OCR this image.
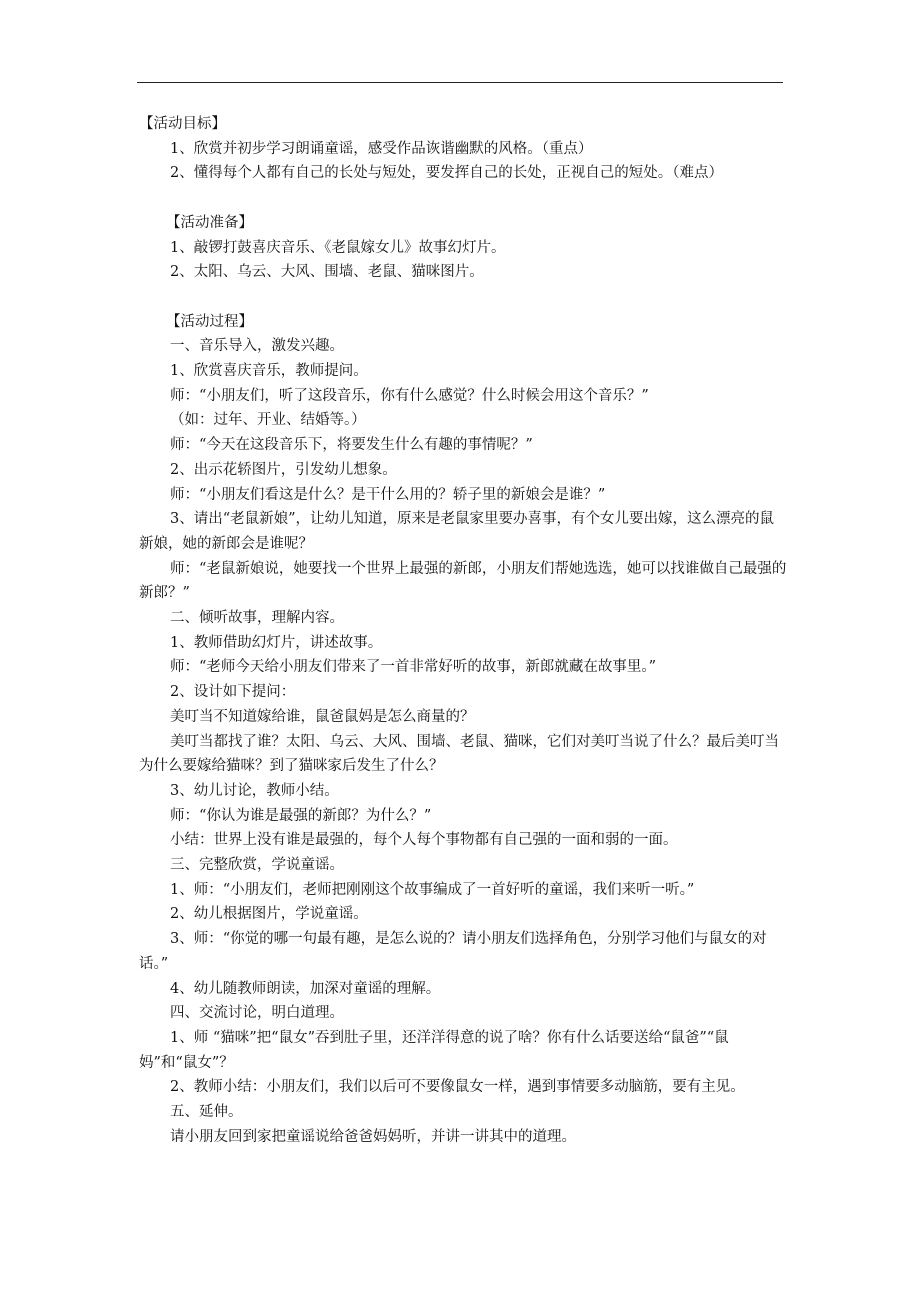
【活动目标】

1、欣赏并初步学习朗诵童谣，感受作品诙谐幽默的风格。（重点）

2、懂得每个人都有自己的长处与短处，要发挥自己的长处，正视自己的短处。（难点）

【活动准备】

1、敲锣打鼓喜庆音乐、《老鼠嫁女儿》故事幻灯片。

2、太阳、乌云、大风、围墙、老鼠、猫咪图片。

【活动过程】

一、音乐导入，激发兴趣。

1、欣赏喜庆音乐，教师提问。

师：“小朋友们，听了这段音乐，你有什么感觉？什么时候会用这个音乐？”

（如：过年、开业、结婚等。）

师：“今天在这段音乐下，将要发生什么有趣的事情呢？”

2、出示花轿图片，引发幼儿想象。

师：“小朋友们看这是什么？是干什么用的？轿子里的新娘会是谁？”

3、请出“老鼠新娘”，让幼儿知道，原来是老鼠家里要办喜事，有个女儿要出嫁，这么漂亮的鼠新娘，她的新郎会是谁呢？

师：“老鼠新娘说，她要找一个世界上最强的新郎，小朋友们帮她选选，她可以找谁做自己最强的新郎？”

二、倾听故事，理解内容。

1、教师借助幻灯片，讲述故事。

师：“老师今天给小朋友们带来了一首非常好听的故事，新郎就藏在故事里。”

2、设计如下提问：

美叮当不知道嫁给谁，鼠爸鼠妈是怎么商量的？

美叮当都找了谁？太阳、乌云、大风、围墙、老鼠、猫咪，它们对美叮当说了什么？最后美叮当为什么要嫁给猫咪？到了猫咪家后发生了什么？

3、幼儿讨论，教师小结。

师：“你认为谁是最强的新郎？为什么？”

小结：世界上没有谁是最强的，每个人每个事物都有自己强的一面和弱的一面。

三、完整欣赏，学说童谣。

1、师：“小朋友们，老师把刚刚这个故事编成了一首好听的童谣，我们来听一听。”

2、幼儿根据图片，学说童谣。

3、师：“你觉的哪一句最有趣，是怎么说的？请小朋友们选择角色，分别学习他们与鼠女的对话。”

4、幼儿随教师朗读，加深对童谣的理解。

四、交流讨论，明白道理。

1、师 “猫咪”把“鼠女”吞到肚子里，还洋洋得意的说了啥？你有什么话要送给“鼠爸”“鼠妈”和“鼠女”？

2、教师小结：小朋友们，我们以后可不要像鼠女一样，遇到事情要多动脑筋，要有主见。

五、延伸。

请小朋友回到家把童谣说给爸爸妈妈听，并讲一讲其中的道理。
